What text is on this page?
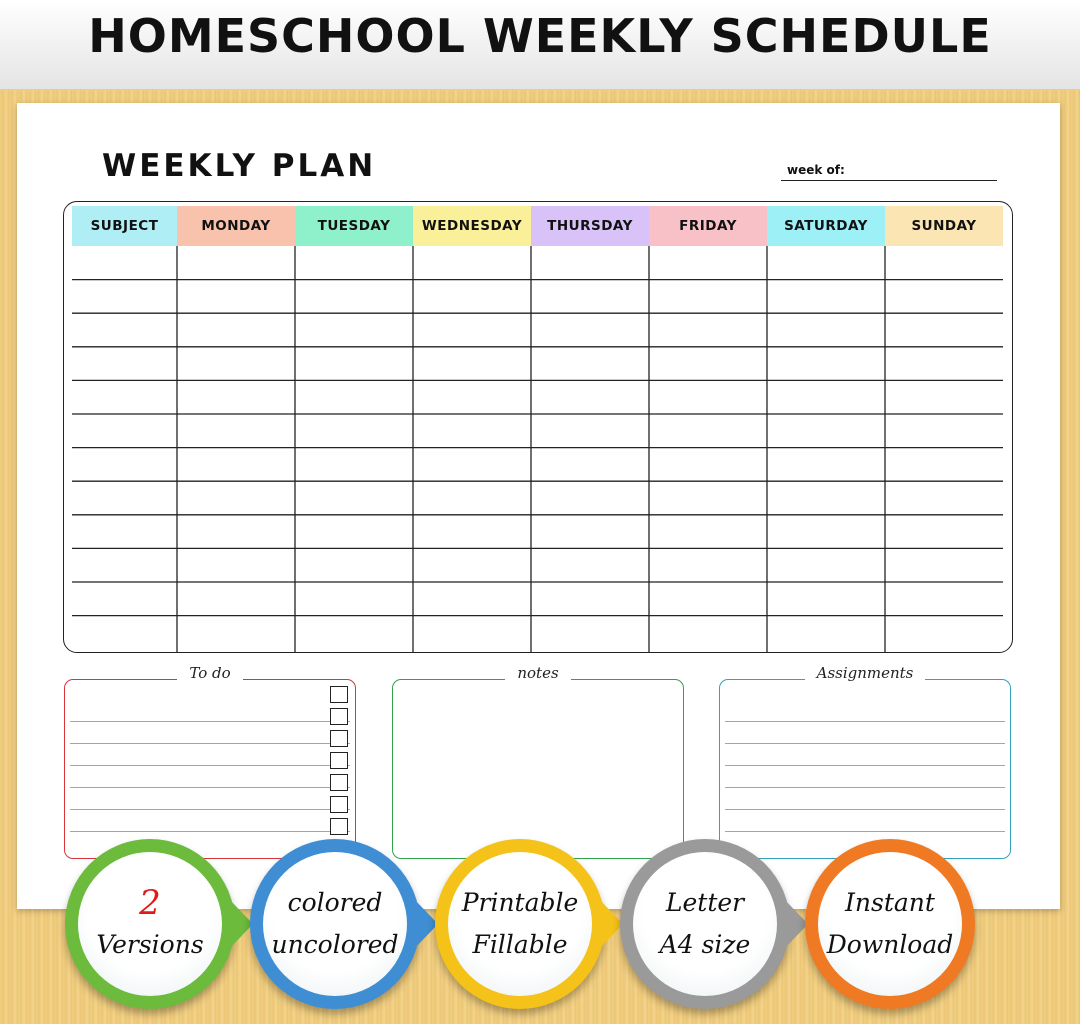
HOMESCHOOL WEEKLY SCHEDULE
WEEKLY PLAN	week of:
SUBJECT	MONDAY	TUESDAY	WEDNESDAY	THURSDAY	FRIDAY	SATURDAY	SUNDAY
To do	notes	Assignments
2
Versions
colored
uncolored
Printable
Fillable
Letter
A4 size
Instant
Download
